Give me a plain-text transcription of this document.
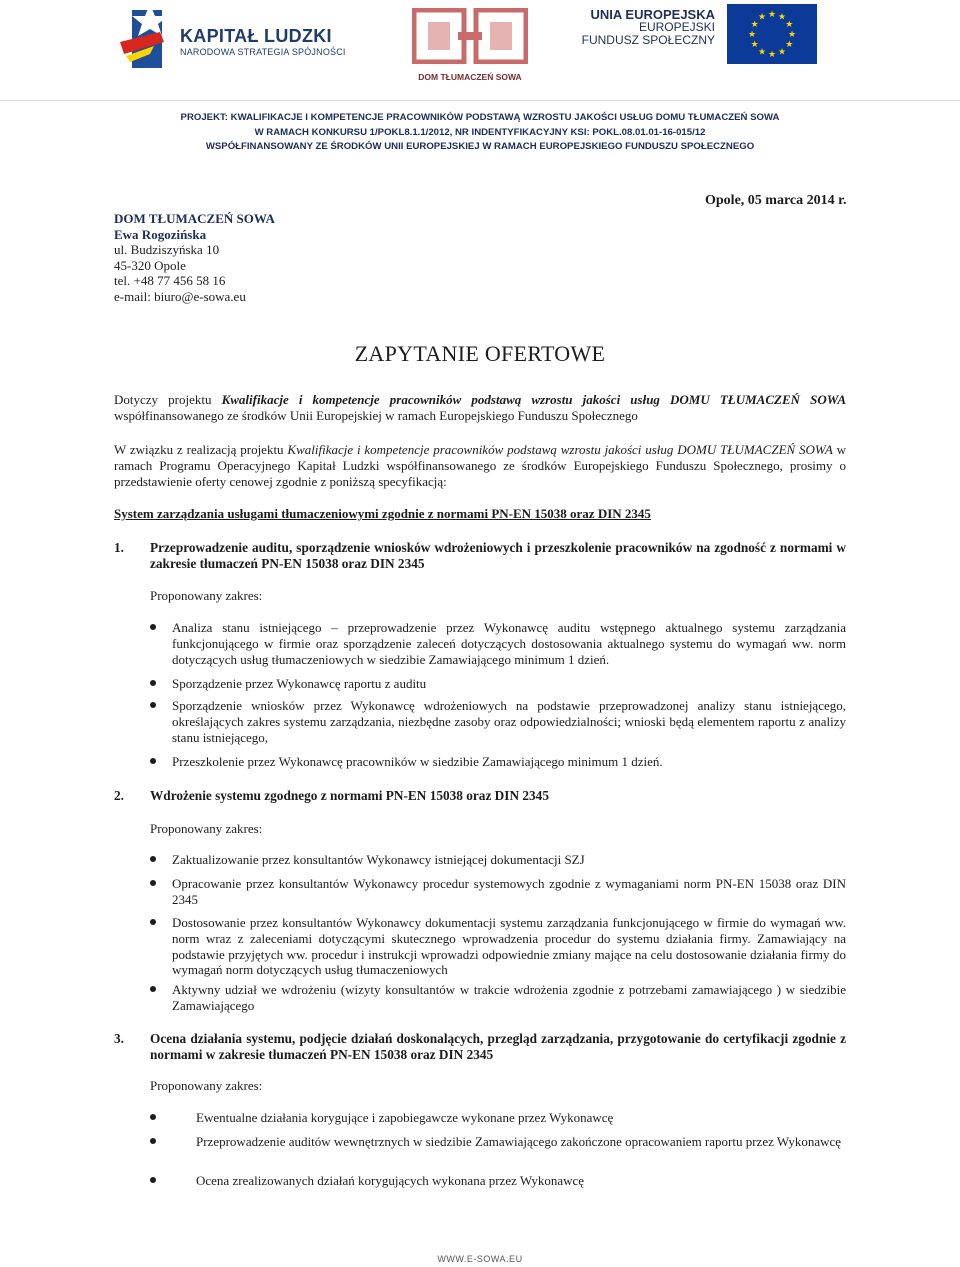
KAPITAŁ LUDZKI
NARODOWA STRATEGIA SPÓJNOŚCI
DOM TŁUMACZEŃ SOWA
UNIA EUROPEJSKA
EUROPEJSKI
FUNDUSZ SPOŁECZNY
★ ★
★
★
★
★
★
★
★
★
★
★
PROJEKT: KWALIFIKACJE I KOMPETENCJE PRACOWNIKÓW PODSTAWĄ WZROSTU JAKOŚCI USŁUG DOMU TŁUMACZEŃ SOWA
W RAMACH KONKURSU 1/POKL8.1.1/2012, NR INDENTYFIKACYJNY KSI: POKL.08.01.01-16-015/12
WSPÓŁFINANSOWANY ZE ŚRODKÓW UNII EUROPEJSKIEJ W RAMACH EUROPEJSKIEGO FUNDUSZU SPOŁECZNEGO
Opole, 05 marca 2014 r.
DOM TŁUMACZEŃ SOWA
Ewa Rogozińska
ul. Budziszyńska 10
45-320 Opole
tel. +48 77 456 58 16
e-mail: biuro@e-sowa.eu
ZAPYTANIE OFERTOWE
Dotyczy projektu Kwalifikacje i kompetencje pracowników podstawą wzrostu jakości usług DOMU TŁUMACZEŃ SOWA współfinansowanego ze środków Unii Europejskiej w ramach Europejskiego Funduszu Społecznego
W związku z realizacją projektu Kwalifikacje i kompetencje pracowników podstawą wzrostu jakości usług DOMU TŁUMACZEŃ SOWA w ramach Programu Operacyjnego Kapitał Ludzki współfinansowanego ze środków Europejskiego Funduszu Społecznego, prosimy o przedstawienie oferty cenowej zgodnie z poniższą specyfikacją:
System zarządzania usługami tłumaczeniowymi zgodnie z normami PN-EN 15038 oraz DIN 2345
1. Przeprowadzenie auditu, sporządzenie wniosków wdrożeniowych i przeszkolenie pracowników na zgodność z normami w zakresie tłumaczeń PN-EN 15038 oraz DIN 2345
Proponowany zakres:
Analiza stanu istniejącego – przeprowadzenie przez Wykonawcę auditu wstępnego aktualnego systemu zarządzania funkcjonującego w firmie oraz sporządzenie zaleceń dotyczących dostosowania aktualnego systemu do wymagań ww. norm dotyczących usług tłumaczeniowych w siedzibie Zamawiającego minimum 1 dzień.
Sporządzenie przez Wykonawcę raportu z auditu
Sporządzenie wniosków przez Wykonawcę wdrożeniowych na podstawie przeprowadzonej analizy stanu istniejącego, określających zakres systemu zarządzania, niezbędne zasoby oraz odpowiedzialności; wnioski będą elementem raportu z analizy stanu istniejącego,
Przeszkolenie przez Wykonawcę pracowników w siedzibie Zamawiającego minimum 1 dzień.
2. Wdrożenie systemu zgodnego z normami PN-EN 15038 oraz DIN 2345
Proponowany zakres:
Zaktualizowanie przez konsultantów Wykonawcy istniejącej dokumentacji SZJ
Opracowanie przez konsultantów Wykonawcy procedur systemowych zgodnie z wymaganiami norm PN-EN 15038 oraz DIN 2345
Dostosowanie przez konsultantów Wykonawcy dokumentacji systemu zarządzania funkcjonującego w firmie do wymagań ww. norm wraz z zaleceniami dotyczącymi skutecznego wprowadzenia procedur do systemu działania firmy. Zamawiający na podstawie przyjętych ww. procedur i instrukcji wprowadzi odpowiednie zmiany mające na celu dostosowanie działania firmy do wymagań norm dotyczących usług tłumaczeniowych
Aktywny udział we wdrożeniu (wizyty konsultantów w trakcie wdrożenia zgodnie z potrzebami zamawiającego ) w siedzibie Zamawiającego
3. Ocena działania systemu, podjęcie działań doskonalących, przegląd zarządzania, przygotowanie do certyfikacji zgodnie z normami w zakresie tłumaczeń PN-EN 15038 oraz DIN 2345
Proponowany zakres:
Ewentualne działania korygujące i zapobiegawcze wykonane przez Wykonawcę
Przeprowadzenie auditów wewnętrznych w siedzibie Zamawiającego zakończone opracowaniem raportu przez Wykonawcę
Ocena zrealizowanych działań korygujących wykonana przez Wykonawcę
WWW.E-SOWA.EU
